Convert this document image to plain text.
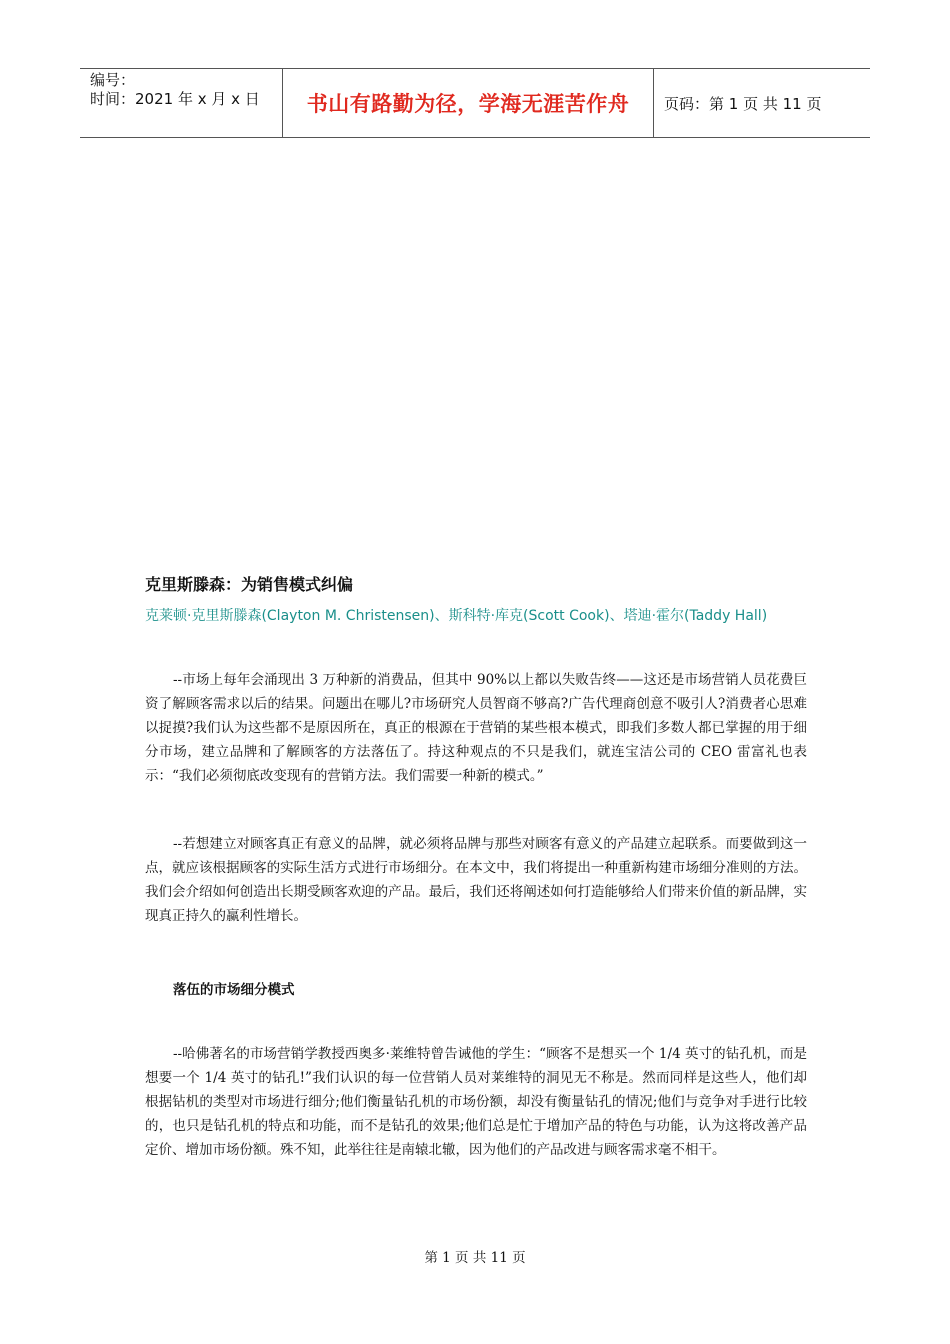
编号：
时间：2021 年 x 月 x 日	书山有路勤为径，学海无涯苦作舟	页码：第 1 页 共 11 页
克里斯滕森：为销售模式纠偏
克莱顿·克里斯滕森(Clayton M. Christensen)、斯科特·库克(Scott Cook)、塔迪·霍尔(Taddy Hall)

--市场上每年会涌现出 3 万种新的消费品，但其中 90%以上都以失败告终——这还是市场营销人员花费巨资了解顾客需求以后的结果。问题出在哪儿?市场研究人员智商不够高?广告代理商创意不吸引人?消费者心思难以捉摸?我们认为这些都不是原因所在，真正的根源在于营销的某些根本模式，即我们多数人都已掌握的用于细分市场，建立品牌和了解顾客的方法落伍了。持这种观点的不只是我们，就连宝洁公司的 CEO 雷富礼也表示：“我们必须彻底改变现有的营销方法。我们需要一种新的模式。”

--若想建立对顾客真正有意义的品牌，就必须将品牌与那些对顾客有意义的产品建立起联系。而要做到这一点，就应该根据顾客的实际生活方式进行市场细分。在本文中，我们将提出一种重新构建市场细分准则的方法。我们会介绍如何创造出长期受顾客欢迎的产品。最后，我们还将阐述如何打造能够给人们带来价值的新品牌，实现真正持久的赢利性增长。

落伍的市场细分模式

--哈佛著名的市场营销学教授西奥多·莱维特曾告诫他的学生：“顾客不是想买一个 1/4 英寸的钻孔机，而是想要一个 1/4 英寸的钻孔!”我们认识的每一位营销人员对莱维特的洞见无不称是。然而同样是这些人，他们却根据钻机的类型对市场进行细分;他们衡量钻孔机的市场份额，却没有衡量钻孔的情况;他们与竞争对手进行比较的，也只是钻孔机的特点和功能，而不是钻孔的效果;他们总是忙于增加产品的特色与功能，认为这将改善产品定价、增加市场份额。殊不知，此举往往是南辕北辙，因为他们的产品改进与顾客需求毫不相干。

第 1 页 共 11 页
